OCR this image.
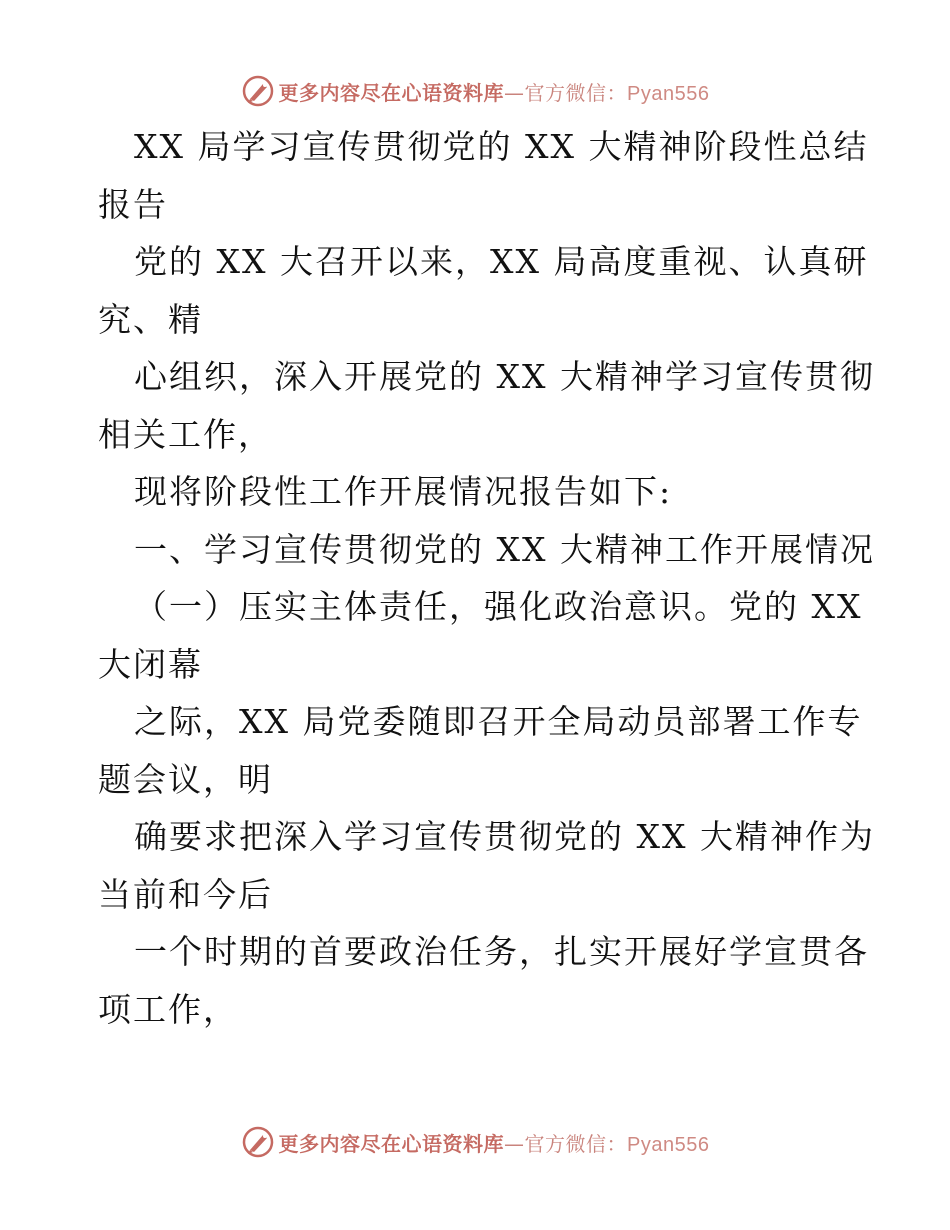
更多内容尽在心语资料库—官方微信：Pyan556
XX 局学习宣传贯彻党的 XX 大精神阶段性总结
报告
党的 XX 大召开以来，XX 局高度重视、认真研
究、精
心组织，深入开展党的 XX 大精神学习宣传贯彻
相关工作，
现将阶段性工作开展情况报告如下:
一、学习宣传贯彻党的 XX 大精神工作开展情况
（一）压实主体责任，强化政治意识。党的 XX
大闭幕
之际，XX 局党委随即召开全局动员部署工作专
题会议，明
确要求把深入学习宣传贯彻党的 XX 大精神作为
当前和今后
一个时期的首要政治任务，扎实开展好学宣贯各
项工作，
更多内容尽在心语资料库—官方微信：Pyan556
